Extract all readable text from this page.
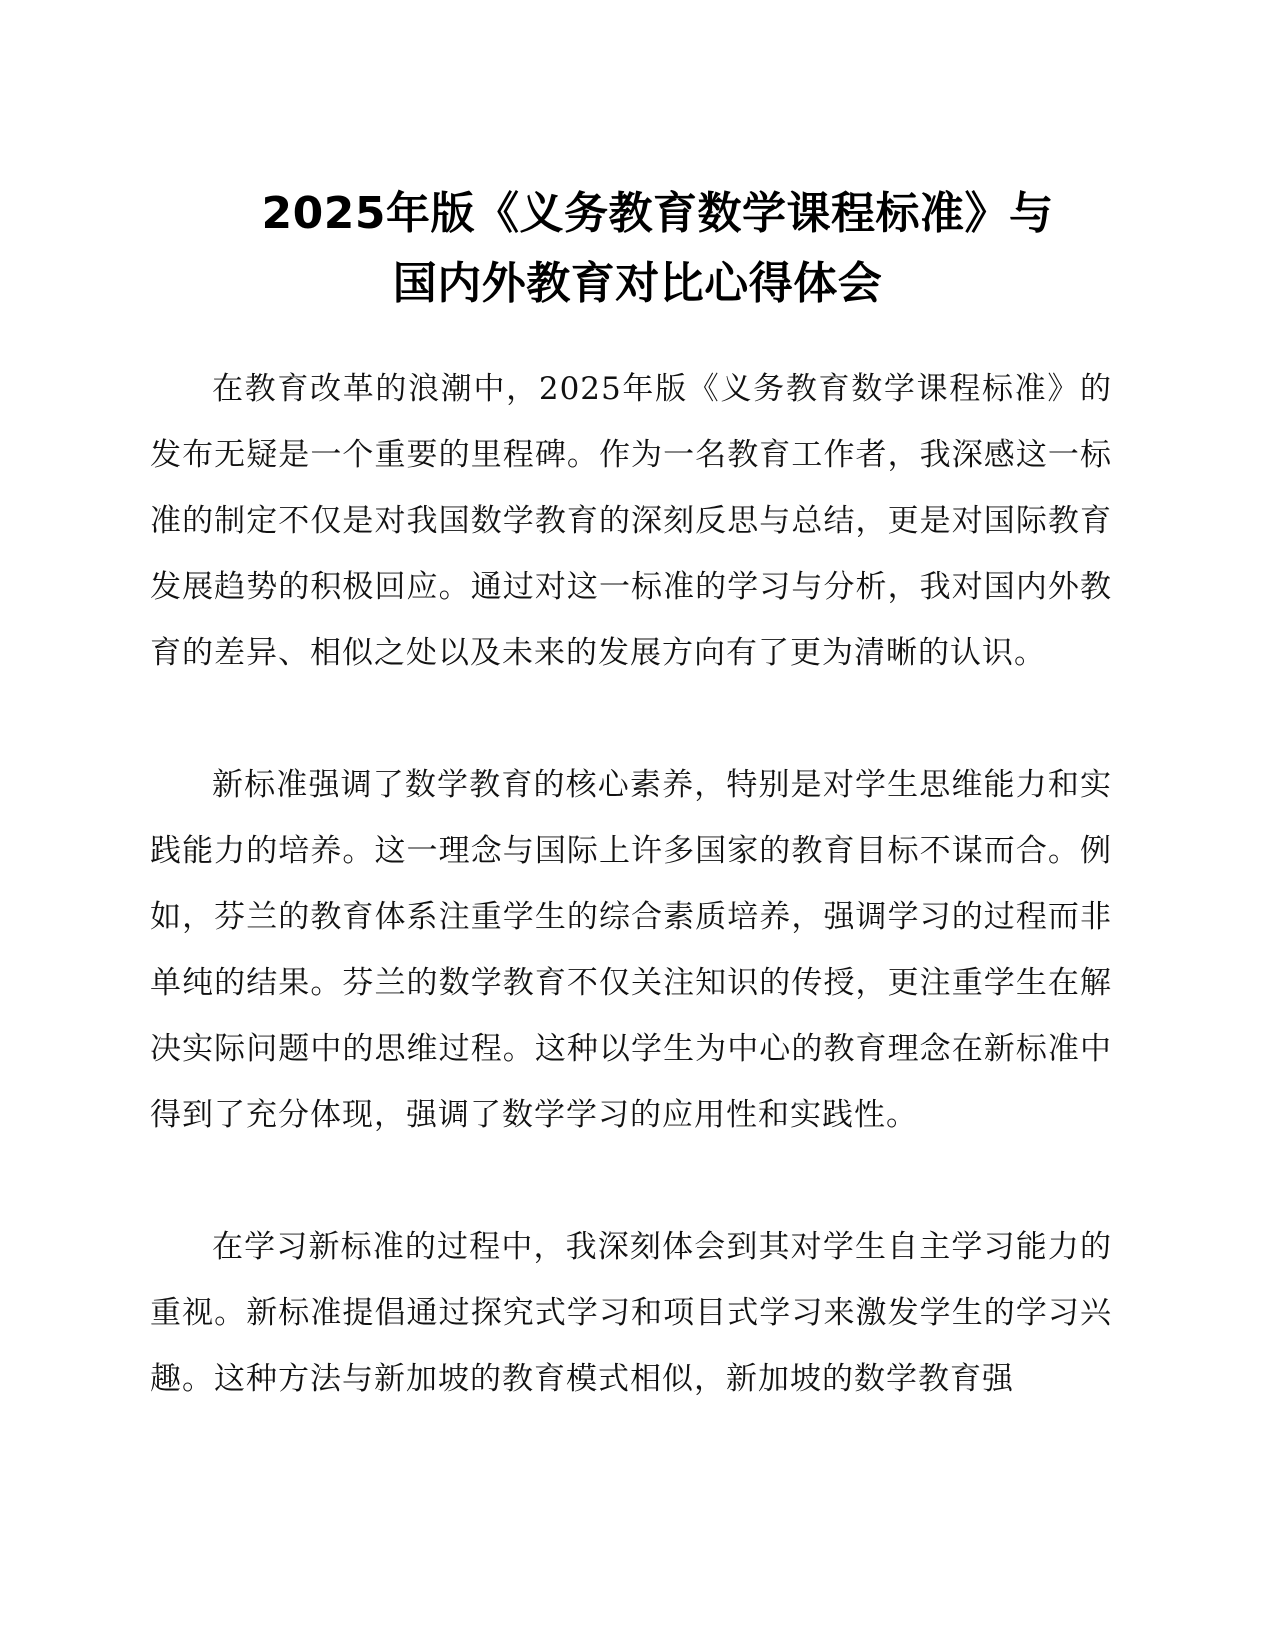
2025年版《义务教育数学课程标准》与
国内外教育对比心得体会

在教育改革的浪潮中，2025年版《义务教育数学课程标准》的发布无疑是一个重要的里程碑。作为一名教育工作者，我深感这一标准的制定不仅是对我国数学教育的深刻反思与总结，更是对国际教育发展趋势的积极回应。通过对这一标准的学习与分析，我对国内外教育的差异、相似之处以及未来的发展方向有了更为清晰的认识。

新标准强调了数学教育的核心素养，特别是对学生思维能力和实践能力的培养。这一理念与国际上许多国家的教育目标不谋而合。例如，芬兰的教育体系注重学生的综合素质培养，强调学习的过程而非单纯的结果。芬兰的数学教育不仅关注知识的传授，更注重学生在解决实际问题中的思维过程。这种以学生为中心的教育理念在新标准中得到了充分体现，强调了数学学习的应用性和实践性。

在学习新标准的过程中，我深刻体会到其对学生自主学习能力的重视。新标准提倡通过探究式学习和项目式学习来激发学生的学习兴趣。这种方法与新加坡的教育模式相似，新加坡的数学教育强
